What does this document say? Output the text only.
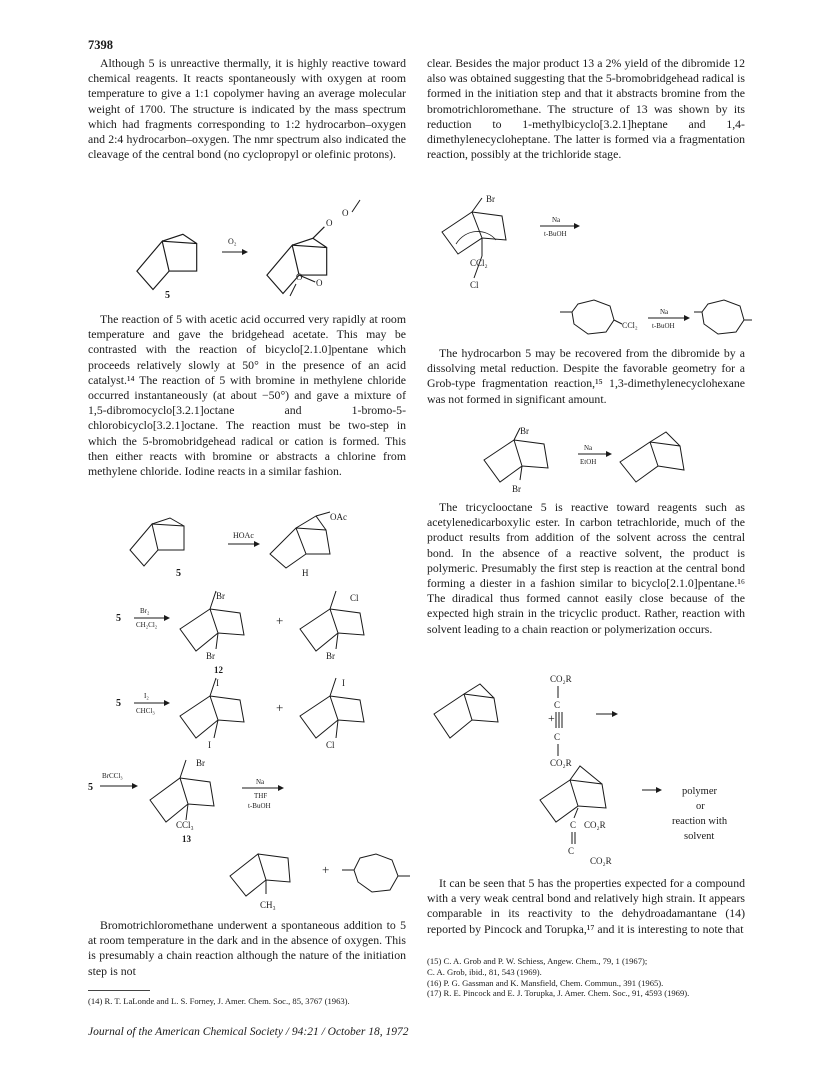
7398

Although 5 is unreactive thermally, it is highly reactive toward chemical reagents. It reacts spontaneously with oxygen at room temperature to give a 1:1 copolymer having an average molecular weight of 1700. The structure is indicated by the mass spectrum which had fragments corresponding to 1:2 hydrocarbon–oxygen and 2:4 hydrocarbon–oxygen. The nmr spectrum also indicated the cleavage of the central bond (no cyclopropyl or olefinic protons).

5
O₂
O
O
O
O

The reaction of 5 with acetic acid occurred very rapidly at room temperature and gave the bridgehead acetate. This may be contrasted with the reaction of bicyclo[2.1.0]pentane which proceeds relatively slowly at 50° in the presence of an acid catalyst.¹⁴ The reaction of 5 with bromine in methylene chloride occurred instantaneously (at about −50°) and gave a mixture of 1,5-dibromocyclo[3.2.1]octane and 1-bromo-5-chlorobicyclo[3.2.1]octane. The reaction must be two-step in which the 5-bromobridgehead radical or cation is formed. This then either reacts with bromine or abstracts a chlorine from methylene chloride. Iodine reacts in a similar fashion.

5
HOAc
OAc
H
5
Br₂
CH₂Cl₂
Br
Br
12
+
Cl
Br
5
I₂
CHCl₃
I
I
+
I
Cl
5
BrCCl₃
Br
CCl₃
13
Na
THF
t-BuOH
CH₃
+

Bromotrichloromethane underwent a spontaneous addition to 5 at room temperature in the dark and in the absence of oxygen. This is presumably a chain reaction although the nature of the initiation step is not

(14) R. T. LaLonde and L. S. Forney, J. Amer. Chem. Soc., 85, 3767 (1963).

clear. Besides the major product 13 a 2% yield of the dibromide 12 also was obtained suggesting that the 5-bromobridgehead radical is formed in the initiation step and that it abstracts bromine from the bromotrichloromethane. The structure of 13 was shown by its reduction to 1-methylbicyclo[3.2.1]heptane and 1,4-dimethylenecycloheptane. The latter is formed via a fragmentation reaction, possibly at the trichloride stage.

Br
CCl₂
Cl
Na
t-BuOH
CCl₂
Na
t-BuOH

The hydrocarbon 5 may be recovered from the dibromide by a dissolving metal reduction. Despite the favorable geometry for a Grob-type fragmentation reaction,¹⁵ 1,3-dimethylenecyclohexane was not formed in significant amount.

Br
Br
Na
EtOH

The tricyclooctane 5 is reactive toward reagents such as acetylenedicarboxylic ester. In carbon tetrachloride, much of the product results from addition of the solvent across the central bond. In the absence of a reactive solvent, the product is polymeric. Presumably the first step is reaction at the central bond forming a diester in a fashion similar to bicyclo[2.1.0]pentane.¹⁶ The diradical thus formed cannot easily close because of the expected high strain in the tricyclic product. Rather, reaction with solvent leading to a chain reaction or polymerization occurs.

+
CO₂R
C
C
CO₂R
C CO₂R
C
CO₂R
polymer
or
reaction with
solvent

It can be seen that 5 has the properties expected for a compound with a very weak central bond and relatively high strain. It appears comparable in its reactivity to the dehydroadamantane (14) reported by Pincock and Torupka,¹⁷ and it is interesting to note that

(15) C. A. Grob and P. W. Schiess, Angew. Chem., 79, 1 (1967);

C. A. Grob, ibid., 81, 543 (1969).

(16) P. G. Gassman and K. Mansfield, Chem. Commun., 391 (1965).

(17) R. E. Pincock and E. J. Torupka, J. Amer. Chem. Soc., 91, 4593 (1969).

Journal of the American Chemical Society / 94:21 / October 18, 1972
